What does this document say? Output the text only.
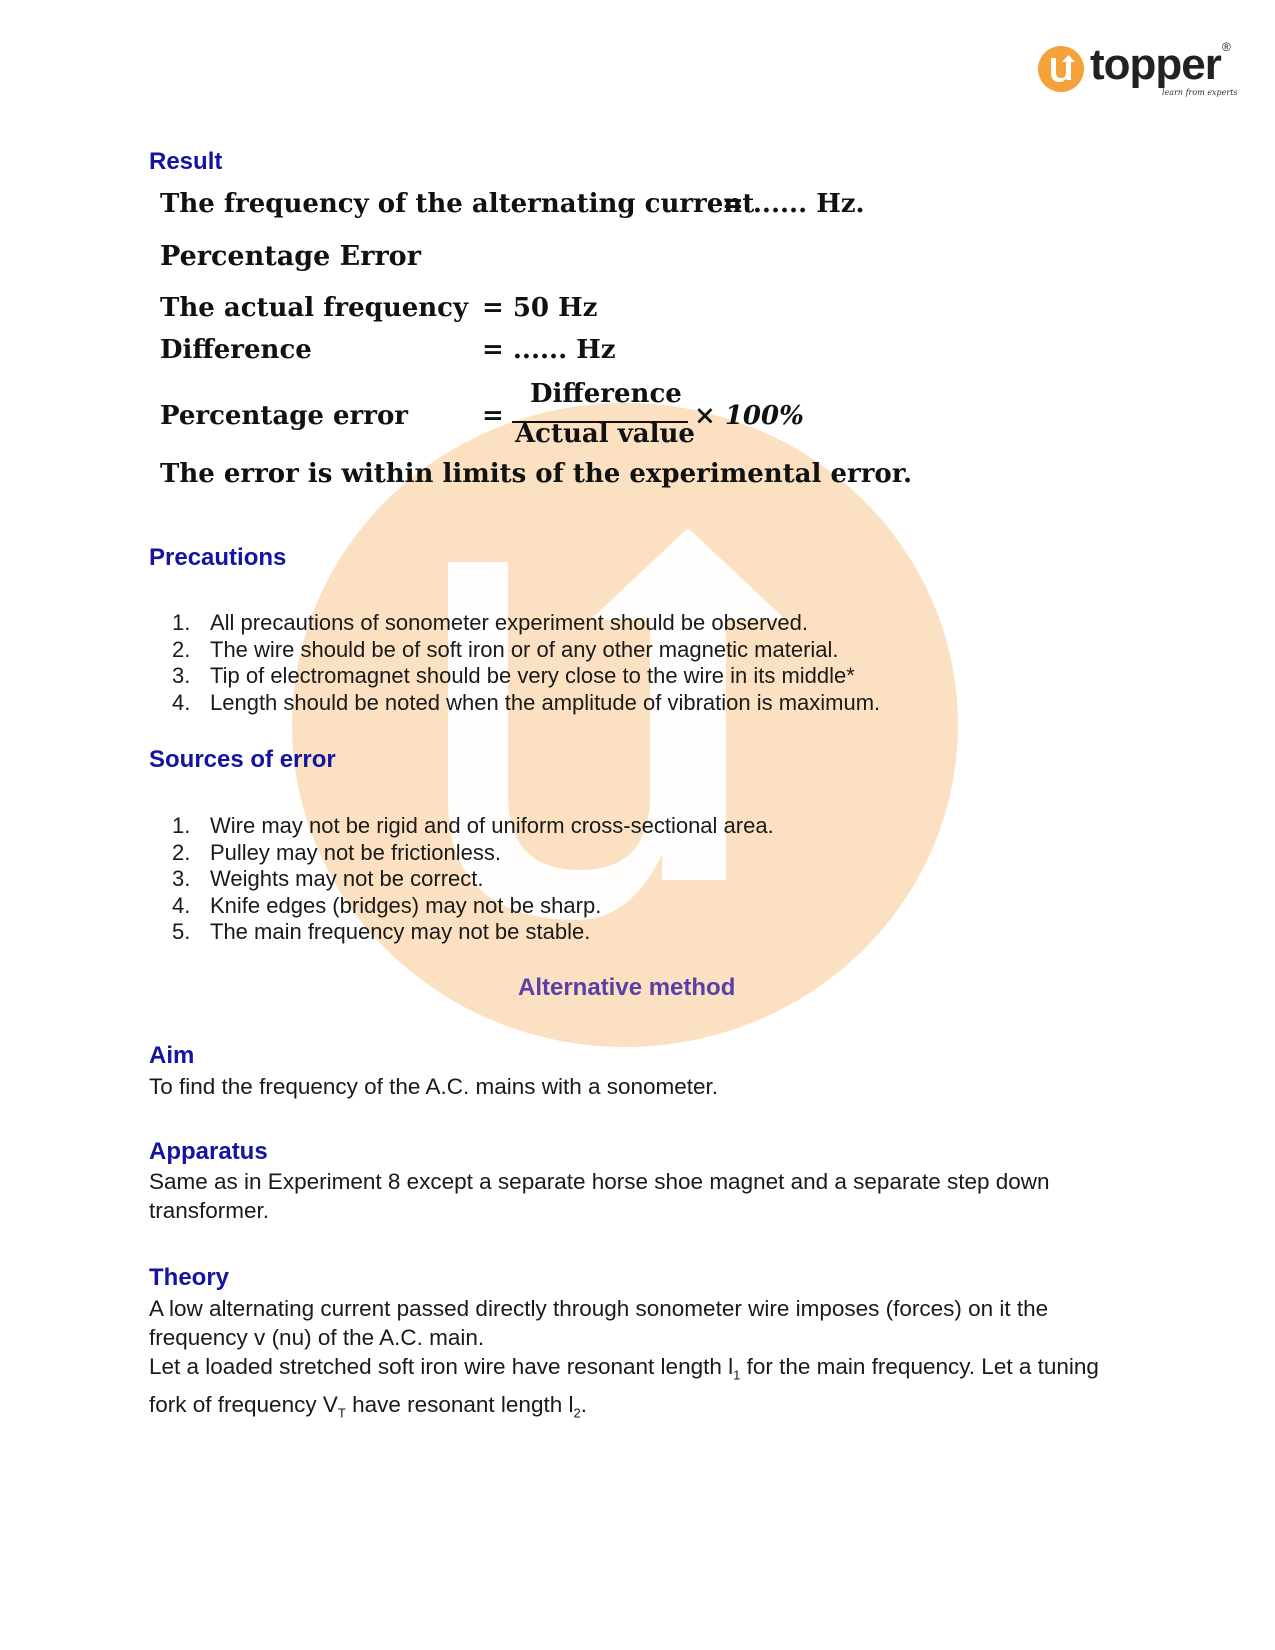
topper ®
learn from experts
Result
The frequency of the alternating current
= ...... Hz.
Percentage Error
The actual frequency = 50 Hz
Difference	= ...... Hz
Percentage error	=
Difference
Actual value
× 100%
The error is within limits of the experimental error.
Precautions
1. All precautions of sonometer experiment should be observed.
2. The wire should be of soft iron or of any other magnetic material.
3. Tip of electromagnet should be very close to the wire in its middle*
4. Length should be noted when the amplitude of vibration is maximum.
Sources of error
1. Wire may not be rigid and of uniform cross-sectional area.
2. Pulley may not be frictionless.
3. Weights may not be correct.
4. Knife edges (bridges) may not be sharp.
5. The main frequency may not be stable.
Alternative method
Aim

To find the frequency of the A.C. mains with a sonometer.

Apparatus

Same as in Experiment 8 except a separate horse shoe magnet and a separate step down transformer.

Theory

A low alternating current passed directly through sonometer wire imposes (forces) on it the frequency v (nu) of the A.C. main.

Let a loaded stretched soft iron wire have resonant length $l_1$ for the main frequency. Let a tuning fork of frequency $V_T$ have resonant length $l_2$.
